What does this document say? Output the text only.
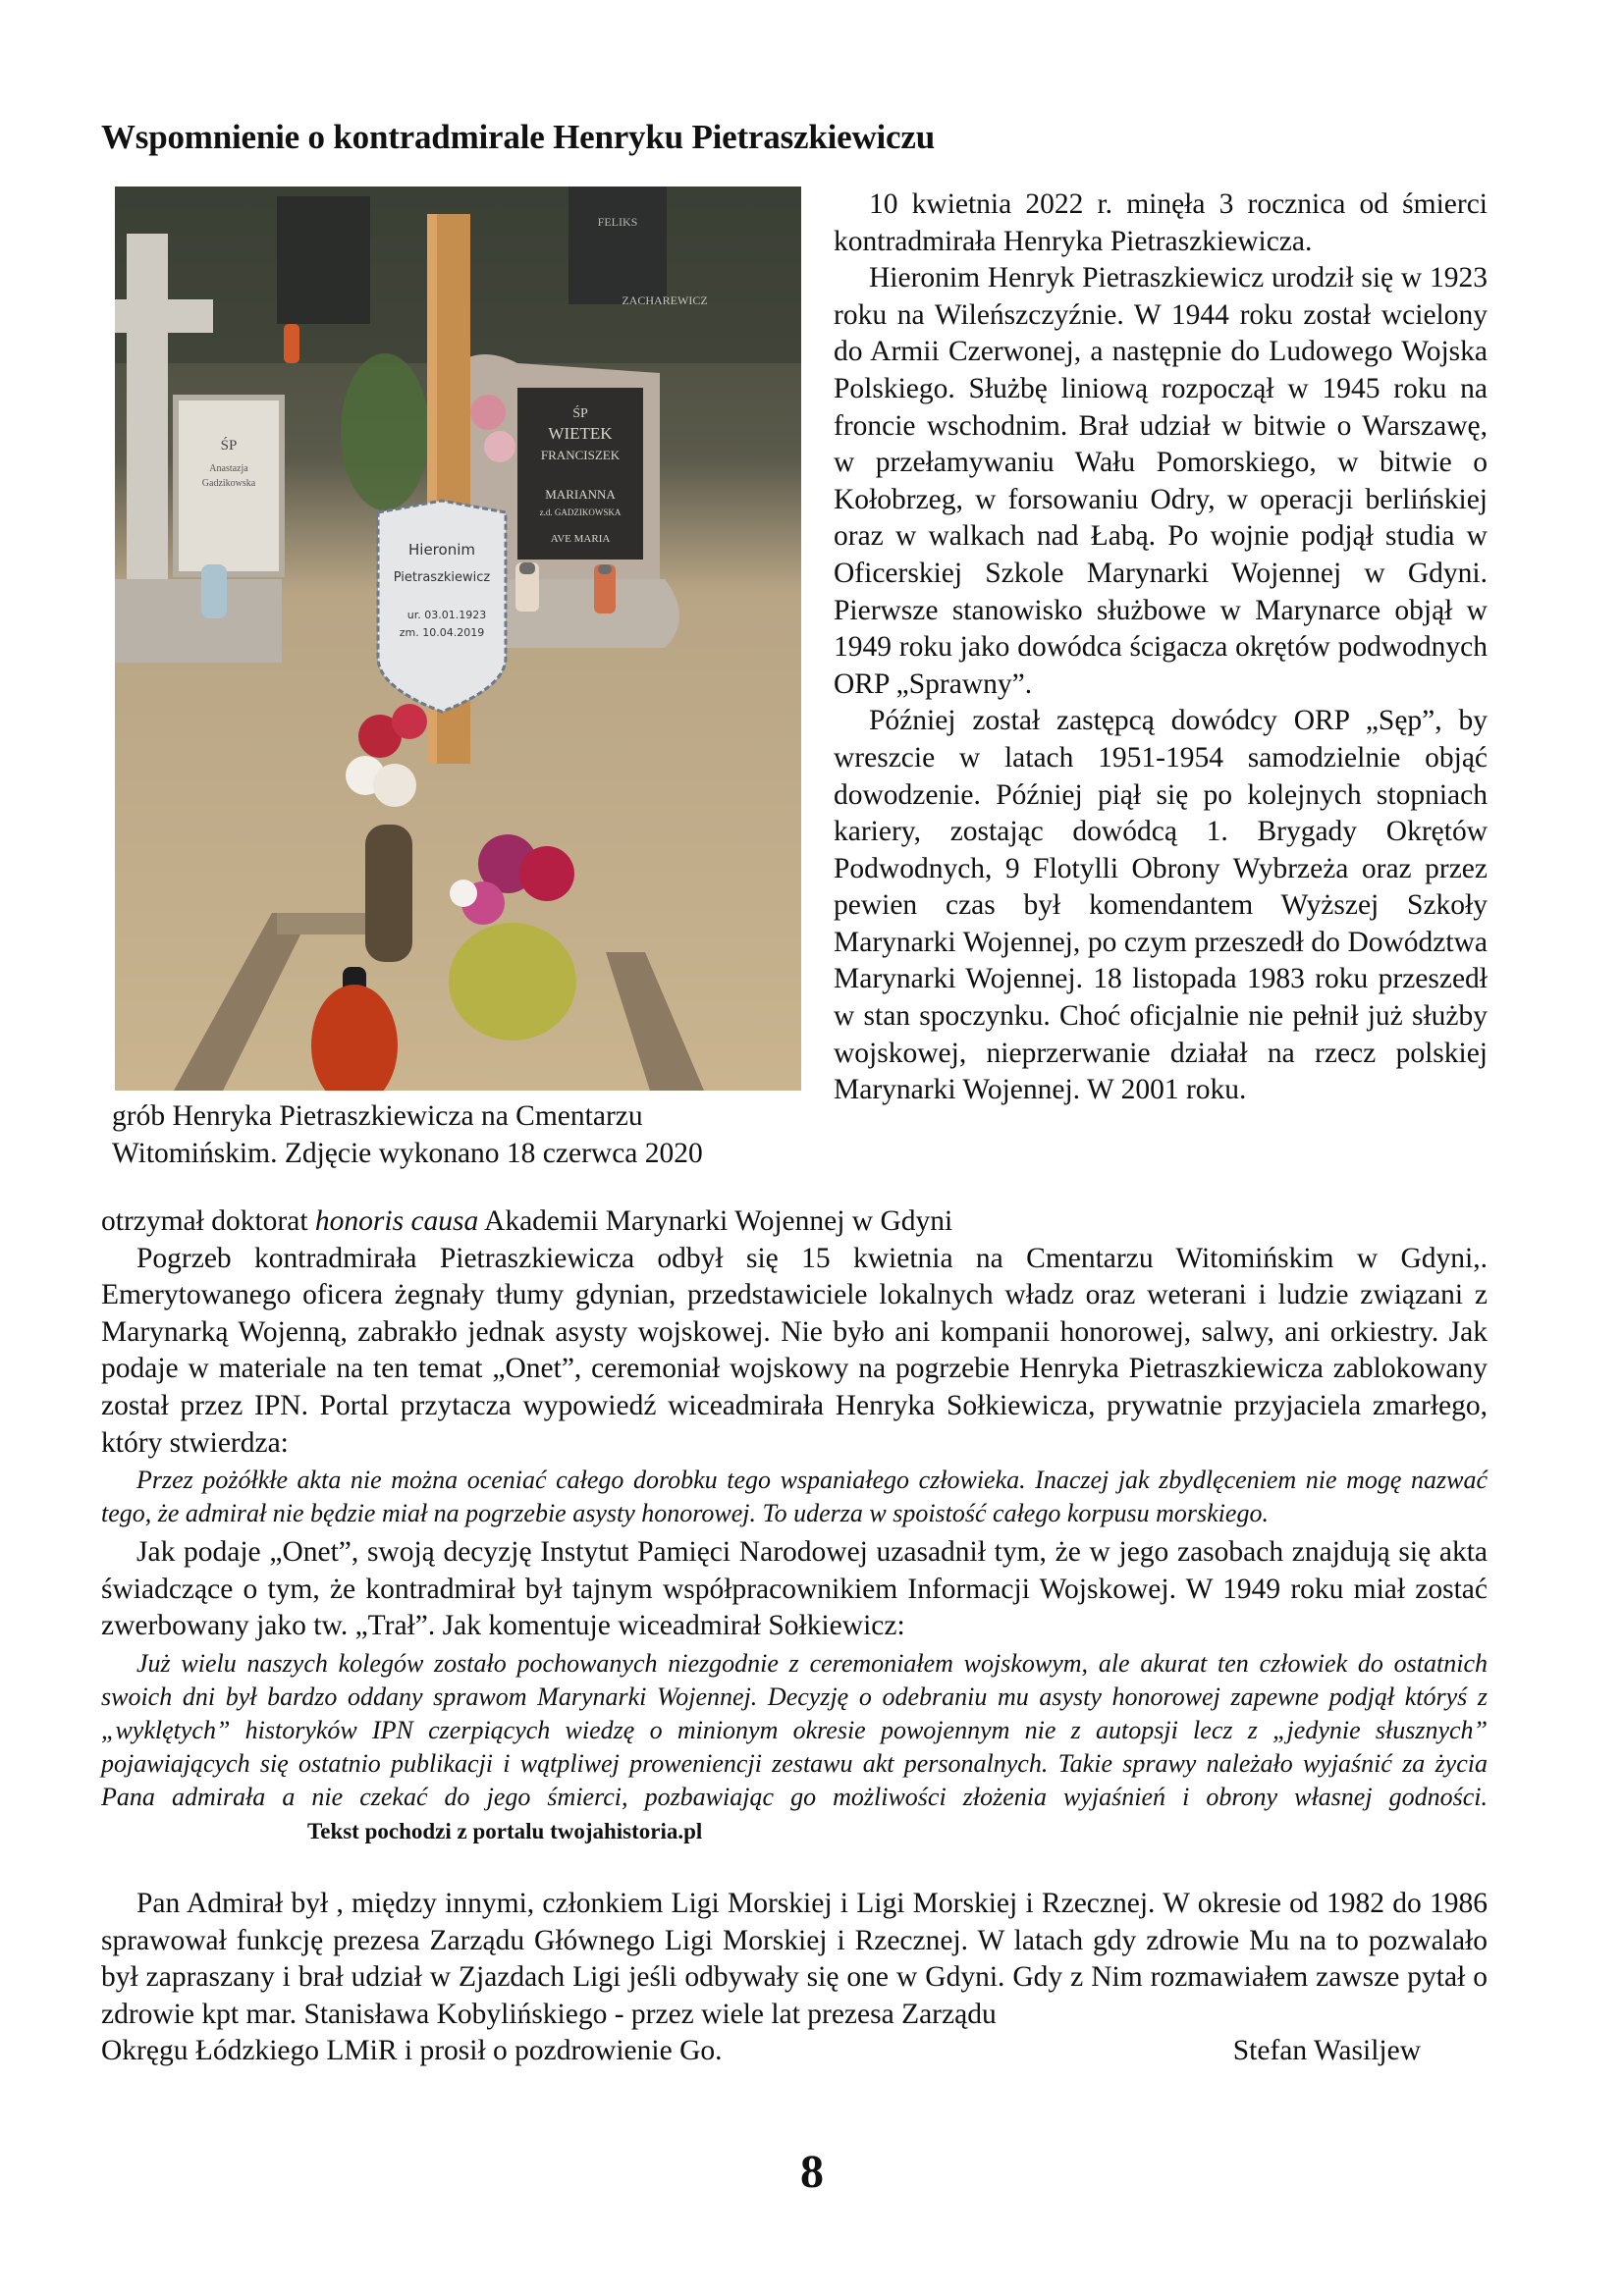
Wspomnienie o kontradmirale Henryku Pietraszkiewiczu
FELIKS
ZACHAREWICZ
ŚP
Anastazja
Gadzikowska
Hieronim
Pietraszkiewicz
ur. 03.01.1923
zm. 10.04.2019
ŚP
WIETEK
FRANCISZEK
MARIANNA
z.d. GADZIKOWSKA
AVE MARIA
grób Henryka Pietraszkiewicza na Cmentarzu Witomińskim. Zdjęcie wykonano 18 czerwca 2020

10 kwietnia 2022 r. minęła 3 rocznica od śmierci kontradmirała Henryka Pietraszkiewicza.

Hieronim Henryk Pietraszkiewicz urodził się w 1923 roku na Wileńszczyźnie. W 1944 roku został wcielony do Armii Czerwonej, a następnie do Ludowego Wojska Polskiego. Służbę liniową rozpoczął w 1945 roku na froncie wschodnim. Brał udział w bitwie o Warszawę, w przełamywaniu Wału Pomorskiego, w bitwie o Kołobrzeg, w forsowaniu Odry, w operacji berlińskiej oraz w walkach nad Łabą. Po wojnie podjął studia w Oficerskiej Szkole Marynarki Wojennej w Gdyni. Pierwsze stanowisko służbowe w Marynarce objął w 1949 roku jako dowódca ścigacza okrętów podwodnych ORP „Sprawny”.

Później został zastępcą dowódcy ORP „Sęp”, by wreszcie w latach 1951-1954 samodzielnie objąć dowodzenie. Później piął się po kolejnych stopniach kariery, zostając dowódcą 1. Brygady Okrętów Podwodnych, 9 Flotylli Obrony Wybrzeża oraz przez pewien czas był komendantem Wyższej Szkoły Marynarki Wojennej, po czym przeszedł do Dowództwa Marynarki Wojennej. 18 listopada 1983 roku przeszedł w stan spoczynku. Choć oficjalnie nie pełnił już służby wojskowej, nieprzerwanie działał na rzecz polskiej Marynarki Wojennej. W 2001 roku.

otrzymał doktorat honoris causa Akademii Marynarki Wojennej w Gdyni

Pogrzeb kontradmirała Pietraszkiewicza odbył się 15 kwietnia na Cmentarzu Witomińskim w Gdyni,. Emerytowanego oficera żegnały tłumy gdynian, przedstawiciele lokalnych władz oraz weterani i ludzie związani z Marynarką Wojenną, zabrakło jednak asysty wojskowej. Nie było ani kompanii honorowej, salwy, ani orkiestry. Jak podaje w materiale na ten temat „Onet”, ceremoniał wojskowy na pogrzebie Henryka Pietraszkiewicza zablokowany został przez IPN. Portal przytacza wypowiedź wiceadmirała Henryka Sołkiewicza, prywatnie przyjaciela zmarłego, który stwierdza:

Przez pożółkłe akta nie można oceniać całego dorobku tego wspaniałego człowieka. Inaczej jak zbydlęceniem nie mogę nazwać tego, że admirał nie będzie miał na pogrzebie asysty honorowej. To uderza w spoistość całego korpusu morskiego.

Jak podaje „Onet”, swoją decyzję Instytut Pamięci Narodowej uzasadnił tym, że w jego zasobach znajdują się akta świadczące o tym, że kontradmirał był tajnym współpracownikiem Informacji Wojskowej. W 1949 roku miał zostać zwerbowany jako tw. „Trał”. Jak komentuje wiceadmirał Sołkiewicz:

Już wielu naszych kolegów zostało pochowanych niezgodnie z ceremoniałem wojskowym, ale akurat ten człowiek do ostatnich swoich dni był bardzo oddany sprawom Marynarki Wojennej. Decyzję o odebraniu mu asysty honorowej zapewne podjął któryś z „wyklętych” historyków IPN czerpiących wiedzę o minionym okresie powojennym nie z autopsji lecz z „jedynie słusznych” pojawiających się ostatnio publikacji i wątpliwej proweniencji zestawu akt personalnych. Takie sprawy należało wyjaśnić za życia Pana admirała a nie czekać do jego śmierci, pozbawiając go możliwości złożenia wyjaśnień i obrony własnej godności.Tekst pochodzi z portalu twojahistoria.pl

Pan Admirał był , między innymi, członkiem Ligi Morskiej i Ligi Morskiej i Rzecznej. W okresie od 1982 do 1986 sprawował funkcję prezesa Zarządu Głównego Ligi Morskiej i Rzecznej. W latach gdy zdrowie Mu na to pozwalało był zapraszany i brał udział w Zjazdach Ligi jeśli odbywały się one w Gdyni. Gdy z Nim rozmawiałem zawsze pytał o zdrowie kpt mar. Stanisława Kobylińskiego - przez wiele lat prezesa Zarządu

Okręgu Łódzkiego LMiR i prosił o pozdrowienie Go.	Stefan Wasiljew
8
